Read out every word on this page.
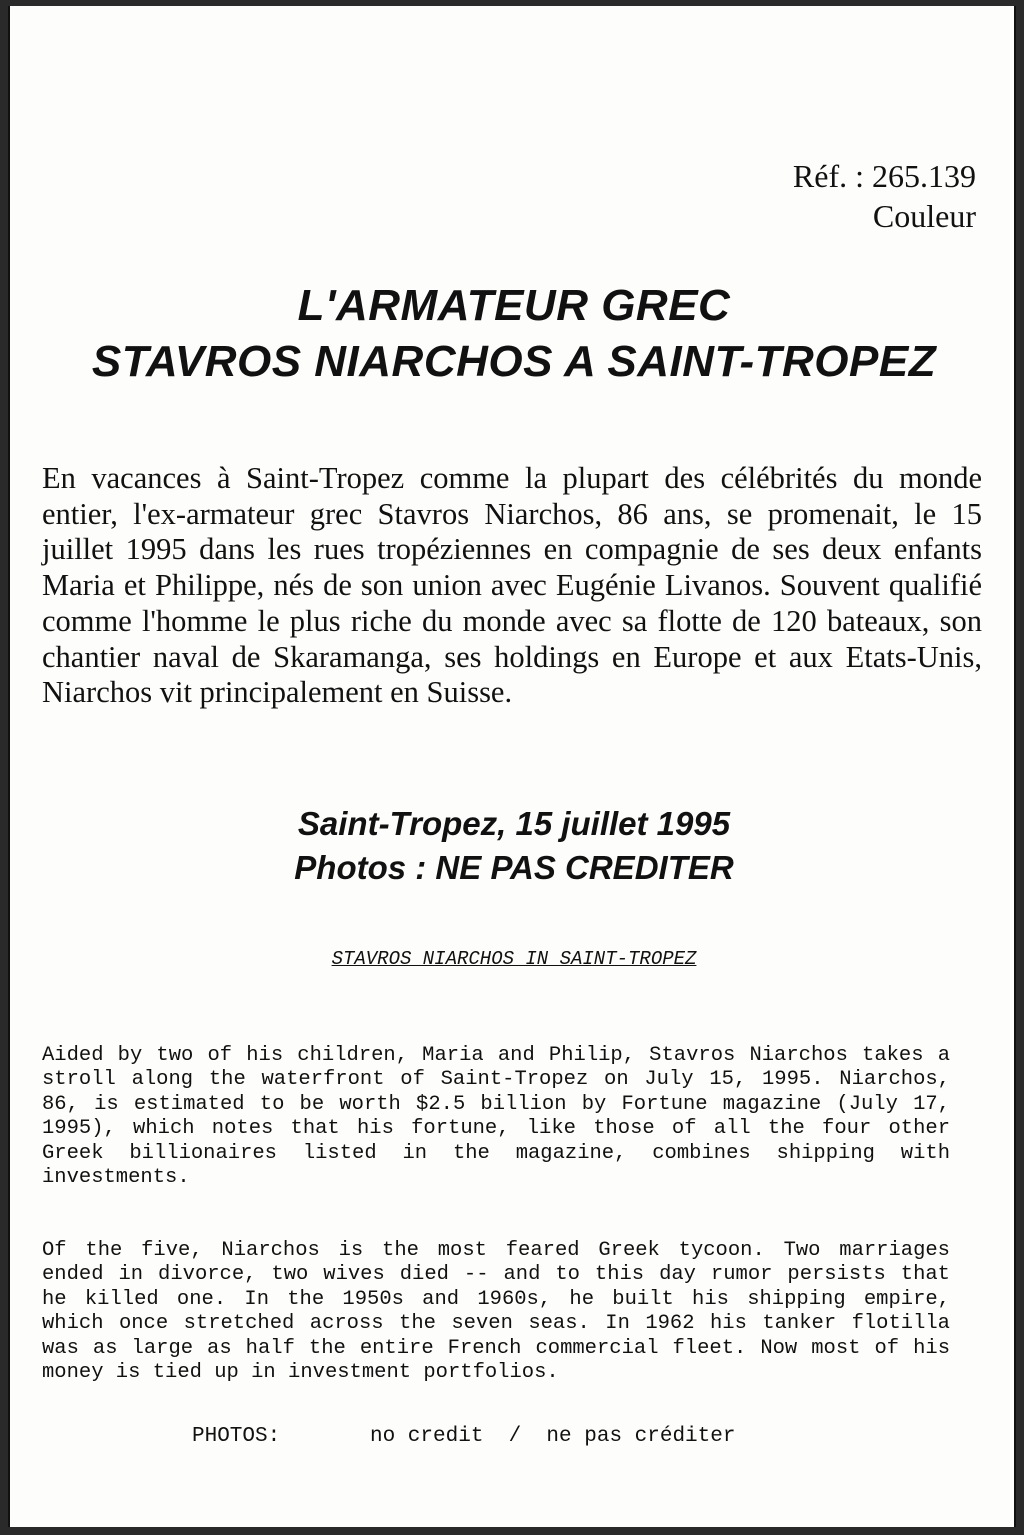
Réf. : 265.139
Couleur
L'ARMATEUR GREC
STAVROS NIARCHOS A SAINT-TROPEZ

En vacances à Saint-Tropez comme la plupart des célébrités du monde entier, l'ex-armateur grec Stavros Niarchos, 86 ans, se promenait, le 15 juillet 1995 dans les rues tropéziennes en compagnie de ses deux enfants Maria et Philippe, nés de son union avec Eugénie Livanos. Souvent qualifié comme l'homme le plus riche du monde avec sa flotte de 120 bateaux, son chantier naval de Skaramanga, ses holdings en Europe et aux Etats-Unis, Niarchos vit principalement en Suisse.

Saint-Tropez, 15 juillet 1995
Photos : NE PAS CREDITER
STAVROS NIARCHOS IN SAINT-TROPEZ

Aided by two of his children, Maria and Philip, Stavros Niarchos takes a stroll along the waterfront of Saint-Tropez on July 15, 1995. Niarchos, 86, is estimated to be worth $2.5 billion by Fortune magazine (July 17, 1995), which notes that his fortune, like those of all the four other Greek billionaires listed in the magazine, combines shipping with investments.

Of the five, Niarchos is the most feared Greek tycoon. Two marriages ended in divorce, two wives died -- and to this day rumor persists that he killed one. In the 1950s and 1960s, he built his shipping empire, which once stretched across the seven seas. In 1962 his tanker flotilla was as large as half the entire French commercial fleet. Now most of his money is tied up in investment portfolios.

PHOTOS:	no credit  /  ne pas créditer
